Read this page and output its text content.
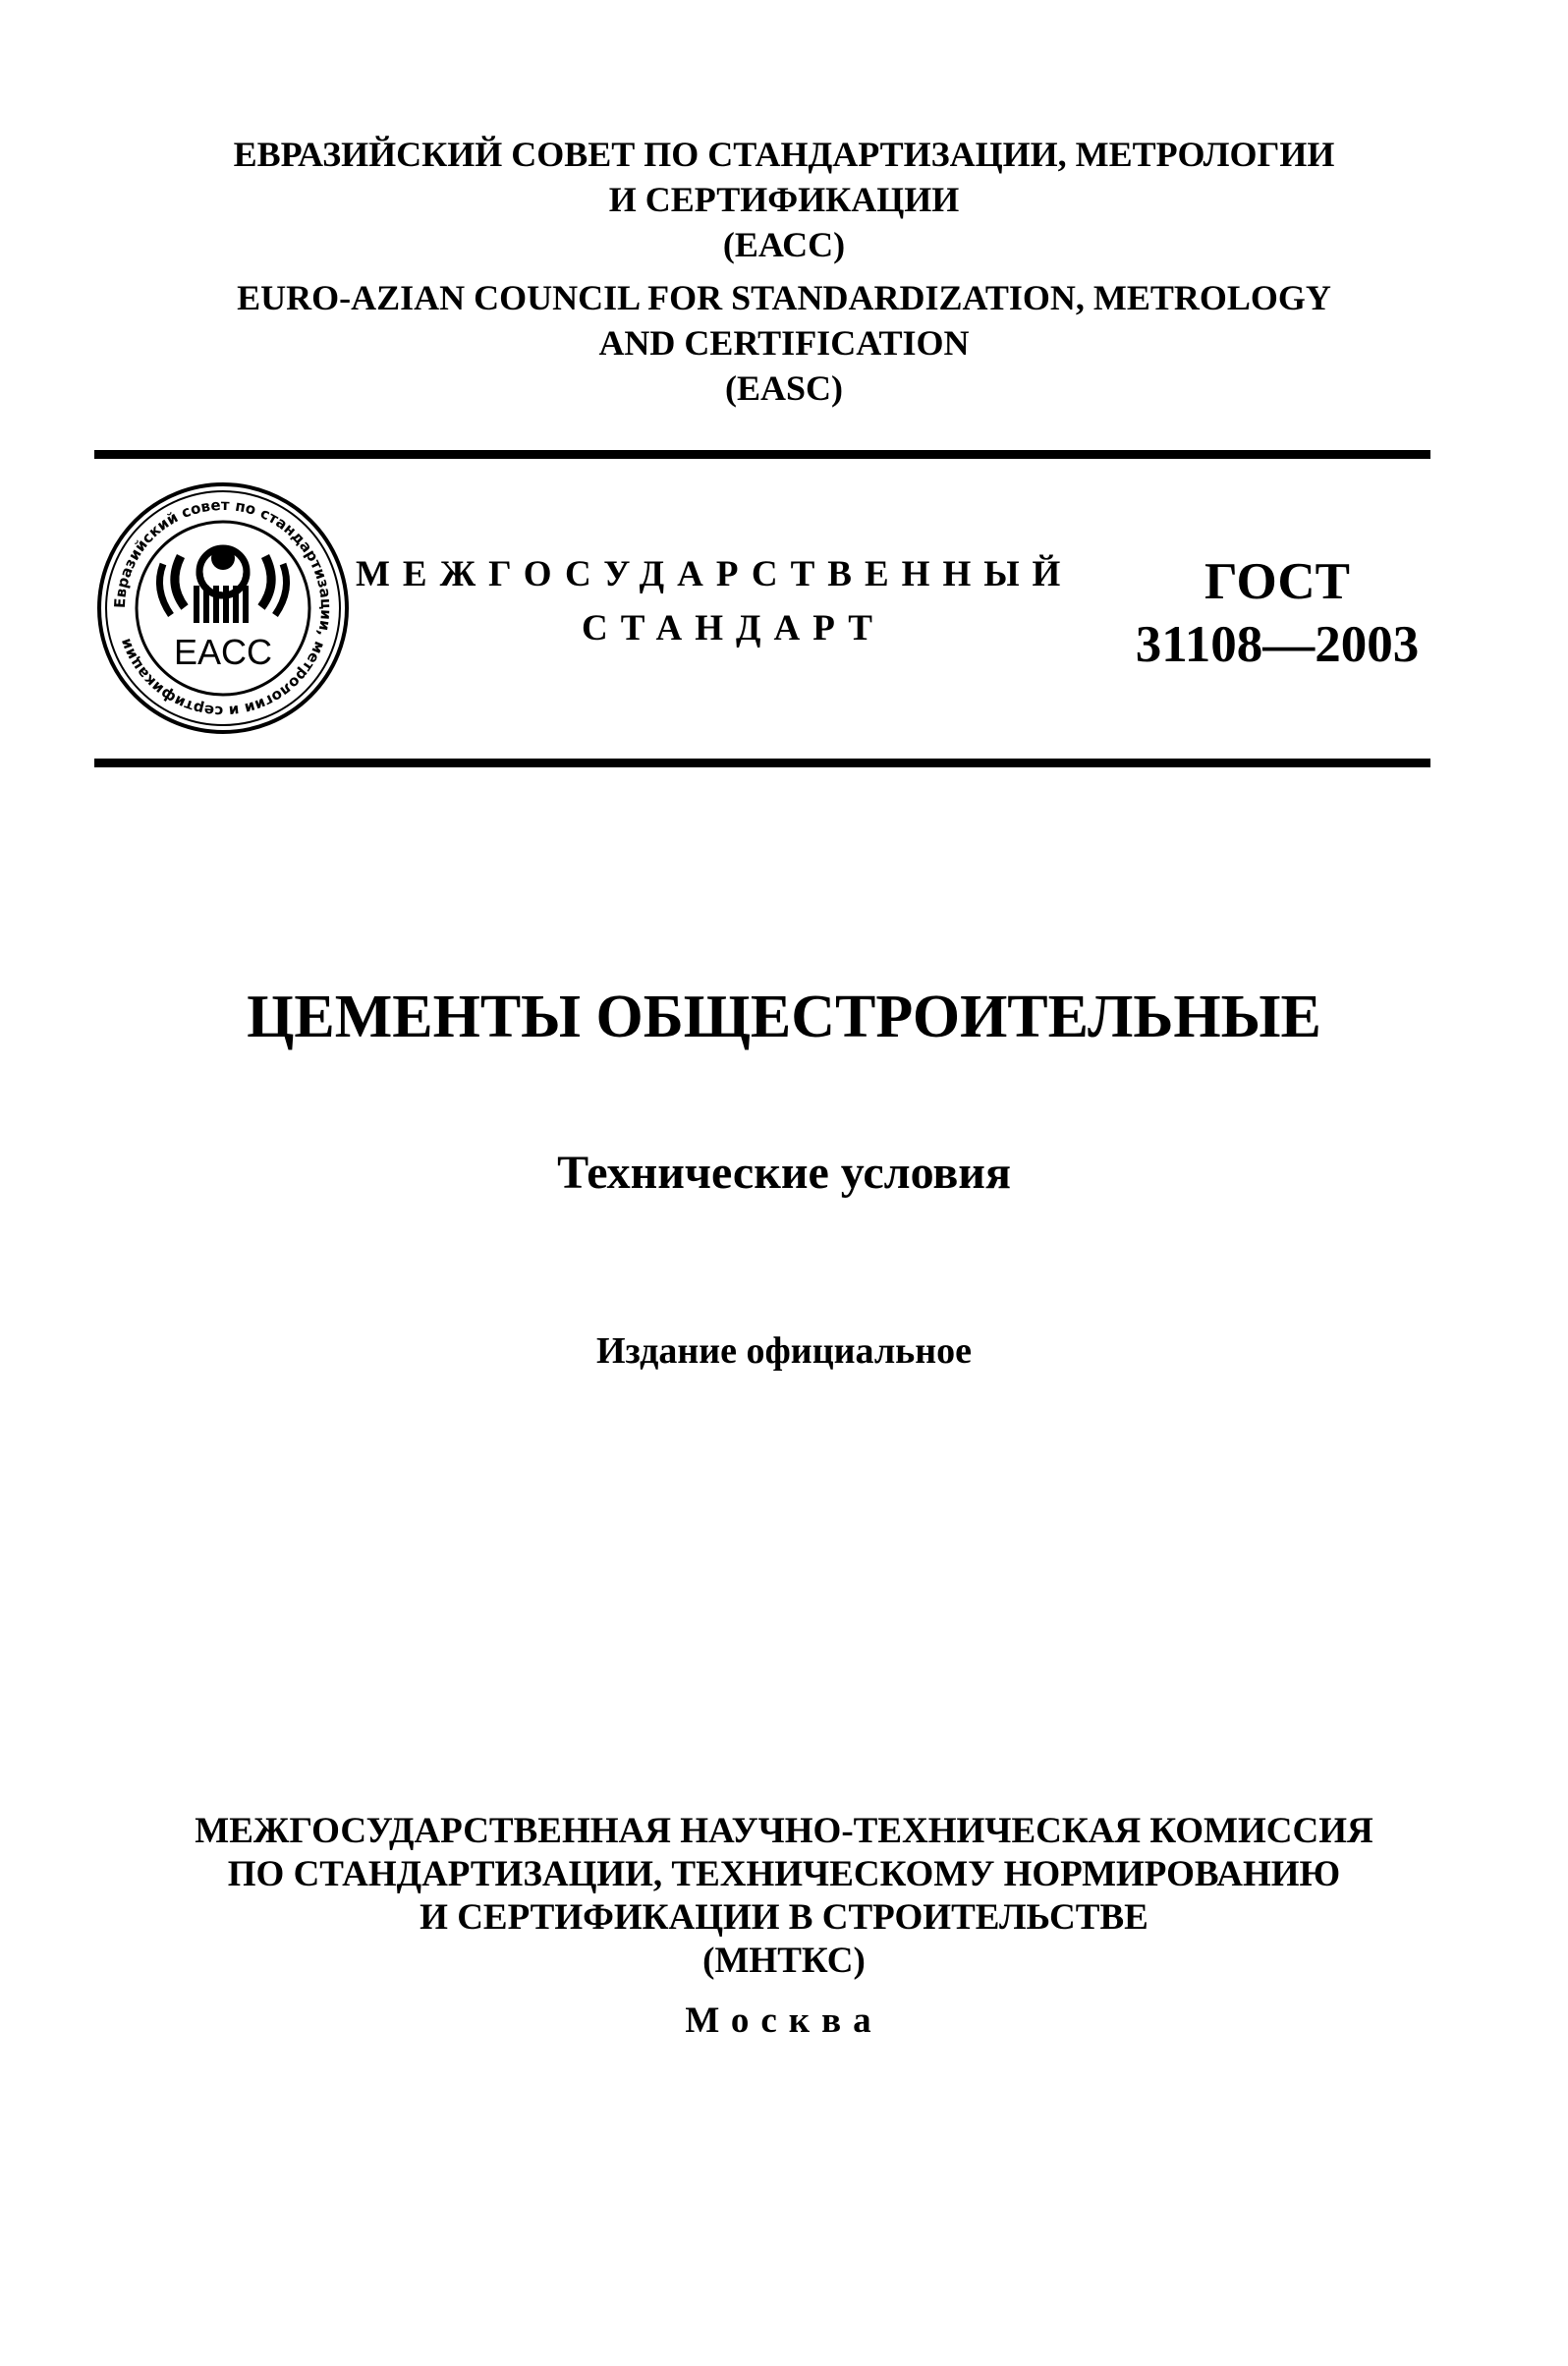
ЕВРАЗИЙСКИЙ СОВЕТ ПО СТАНДАРТИЗАЦИИ, МЕТРОЛОГИИ
И СЕРТИФИКАЦИИ
(ЕАСС)
EURO-AZIAN COUNCIL FOR STANDARDIZATION, METROLOGY
AND CERTIFICATION
(EASC)
Евразийский совет по стандартизации, метрологии и сертификации	EACC
МЕЖГОСУДАРСТВЕННЫЙ
СТАНДАРТ
ГОСТ
31108—2003
ЦЕМЕНТЫ ОБЩЕСТРОИТЕЛЬНЫЕ
Технические условия
Издание официальное
МЕЖГОСУДАРСТВЕННАЯ НАУЧНО-ТЕХНИЧЕСКАЯ КОМИССИЯ
ПО СТАНДАРТИЗАЦИИ, ТЕХНИЧЕСКОМУ НОРМИРОВАНИЮ
И СЕРТИФИКАЦИИ В СТРОИТЕЛЬСТВЕ
(МНТКС)
Москва
